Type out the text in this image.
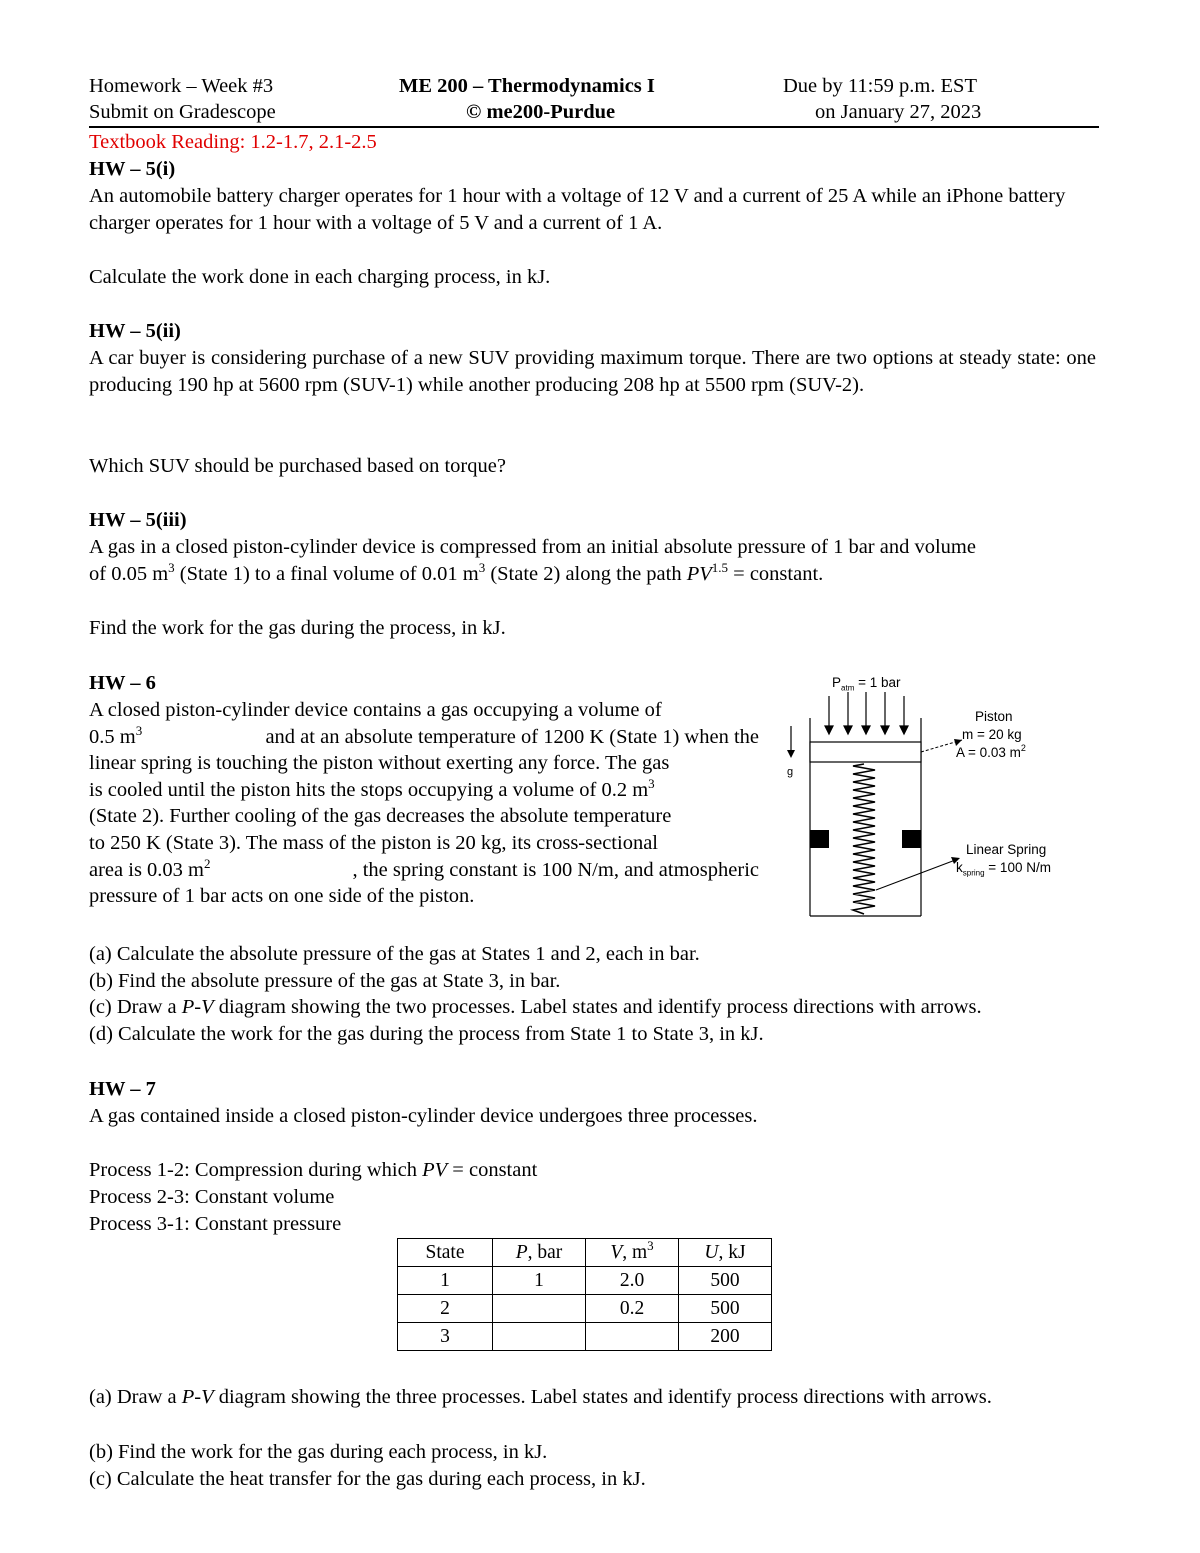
Homework – Week #3
Submit on Gradescope
ME 200 – Thermodynamics I
© me200-Purdue
Due by 11:59 p.m. EST
on January 27, 2023
Textbook Reading: 1.2-1.7, 2.1-2.5
HW – 5(i)
An automobile battery charger operates for 1 hour with a voltage of 12 V and a current of 25 A while an iPhone battery charger operates for 1 hour with a voltage of 5 V and a current of 1 A.
Calculate the work done in each charging process, in kJ.
HW – 5(ii)
A car buyer is considering purchase of a new SUV providing maximum torque. There are two options at steady state: one producing 190 hp at 5600 rpm (SUV-1) while another producing 208 hp at 5500 rpm (SUV-2).
Which SUV should be purchased based on torque?
HW – 5(iii)
A gas in a closed piston-cylinder device is compressed from an initial absolute pressure of 1 bar and volume
of 0.05 $m^3$ (State 1) to a final volume of 0.01 $m^3$ (State 2) along the path $PV^{1.5}$ = constant.
Find the work for the gas during the process, in kJ.
HW – 6
A closed piston-cylinder device contains a gas occupying a volume of
0.5 $m^3$	and at an absolute temperature of 1200 K (State 1) when the
linear spring is touching the piston without exerting any force. The gas
is cooled until the piston hits the stops occupying a volume of 0.2 $m^3$
(State 2). Further cooling of the gas decreases the absolute temperature
to 250 K (State 3). The mass of the piston is 20 kg, its cross-sectional
area is 0.03 $m^2$	, the spring constant is 100 N/m, and atmospheric
pressure of 1 bar acts on one side of the piston.
$P_{atm} = 1$ bar
g
Piston
m = 20 kg
A = 0.03 $m^2$
Linear Spring
$k_{spring} = 100$ N/m
(a) Calculate the absolute pressure of the gas at States 1 and 2, each in bar.
(b) Find the absolute pressure of the gas at State 3, in bar.
(c) Draw a P-V diagram showing the two processes. Label states and identify process directions with arrows.
(d) Calculate the work for the gas during the process from State 1 to State 3, in kJ.
HW – 7
A gas contained inside a closed piston-cylinder device undergoes three processes.
Process 1-2: Compression during which PV = constant
Process 2-3: Constant volume
Process 3-1: Constant pressure
State	P, bar	V, $m^3$	U, kJ
1	1	2.0	500
2		0.2	500
3			200
(a) Draw a P-V diagram showing the three processes. Label states and identify process directions with arrows.
(b) Find the work for the gas during each process, in kJ.
(c) Calculate the heat transfer for the gas during each process, in kJ.
